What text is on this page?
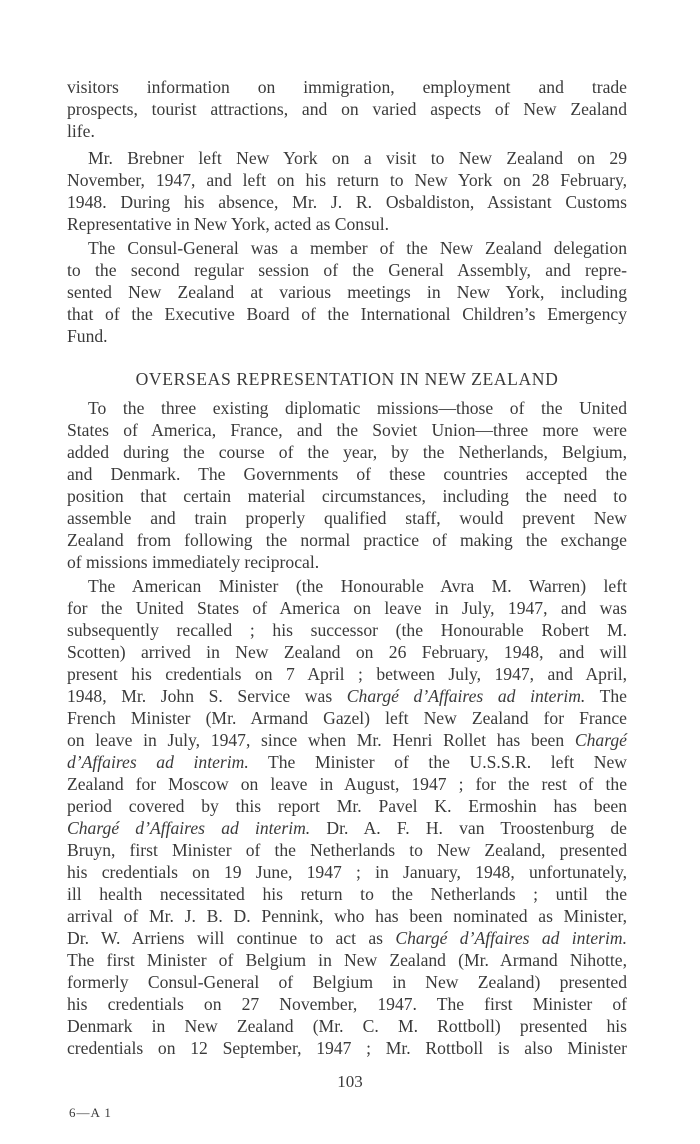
visitors information on immigration, employment and trade
prospects, tourist attractions, and on varied aspects of New Zealand
life.
Mr. Brebner left New York on a visit to New Zealand on 29
November, 1947, and left on his return to New York on 28 February,
1948. During his absence, Mr. J. R. Osbaldiston, Assistant Customs
Representative in New York, acted as Consul.
The Consul-General was a member of the New Zealand delegation
to the second regular session of the General Assembly, and repre-
sented New Zealand at various meetings in New York, including
that of the Executive Board of the International Children’s Emergency
Fund.
OVERSEAS REPRESENTATION IN NEW ZEALAND
To the three existing diplomatic missions—those of the United
States of America, France, and the Soviet Union—three more were
added during the course of the year, by the Netherlands, Belgium,
and Denmark. The Governments of these countries accepted the
position that certain material circumstances, including the need to
assemble and train properly qualified staff, would prevent New
Zealand from following the normal practice of making the exchange
of missions immediately reciprocal.
The American Minister (the Honourable Avra M. Warren) left
for the United States of America on leave in July, 1947, and was
subsequently recalled ; his successor (the Honourable Robert M.
Scotten) arrived in New Zealand on 26 February, 1948, and will
present his credentials on 7 April ; between July, 1947, and April,
1948, Mr. John S. Service was Chargé d’Affaires ad interim. The
French Minister (Mr. Armand Gazel) left New Zealand for France
on leave in July, 1947, since when Mr. Henri Rollet has been Chargé
d’Affaires ad interim. The Minister of the U.S.S.R. left New
Zealand for Moscow on leave in August, 1947 ; for the rest of the
period covered by this report Mr. Pavel K. Ermoshin has been
Chargé d’Affaires ad interim. Dr. A. F. H. van Troostenburg de
Bruyn, first Minister of the Netherlands to New Zealand, presented
his credentials on 19 June, 1947 ; in January, 1948, unfortunately,
ill health necessitated his return to the Netherlands ; until the
arrival of Mr. J. B. D. Pennink, who has been nominated as Minister,
Dr. W. Arriens will continue to act as Chargé d’Affaires ad interim.
The first Minister of Belgium in New Zealand (Mr. Armand Nihotte,
formerly Consul-General of Belgium in New Zealand) presented
his credentials on 27 November, 1947. The first Minister of
Denmark in New Zealand (Mr. C. M. Rottboll) presented his
credentials on 12 September, 1947 ; Mr. Rottboll is also Minister
103
6—A 1
